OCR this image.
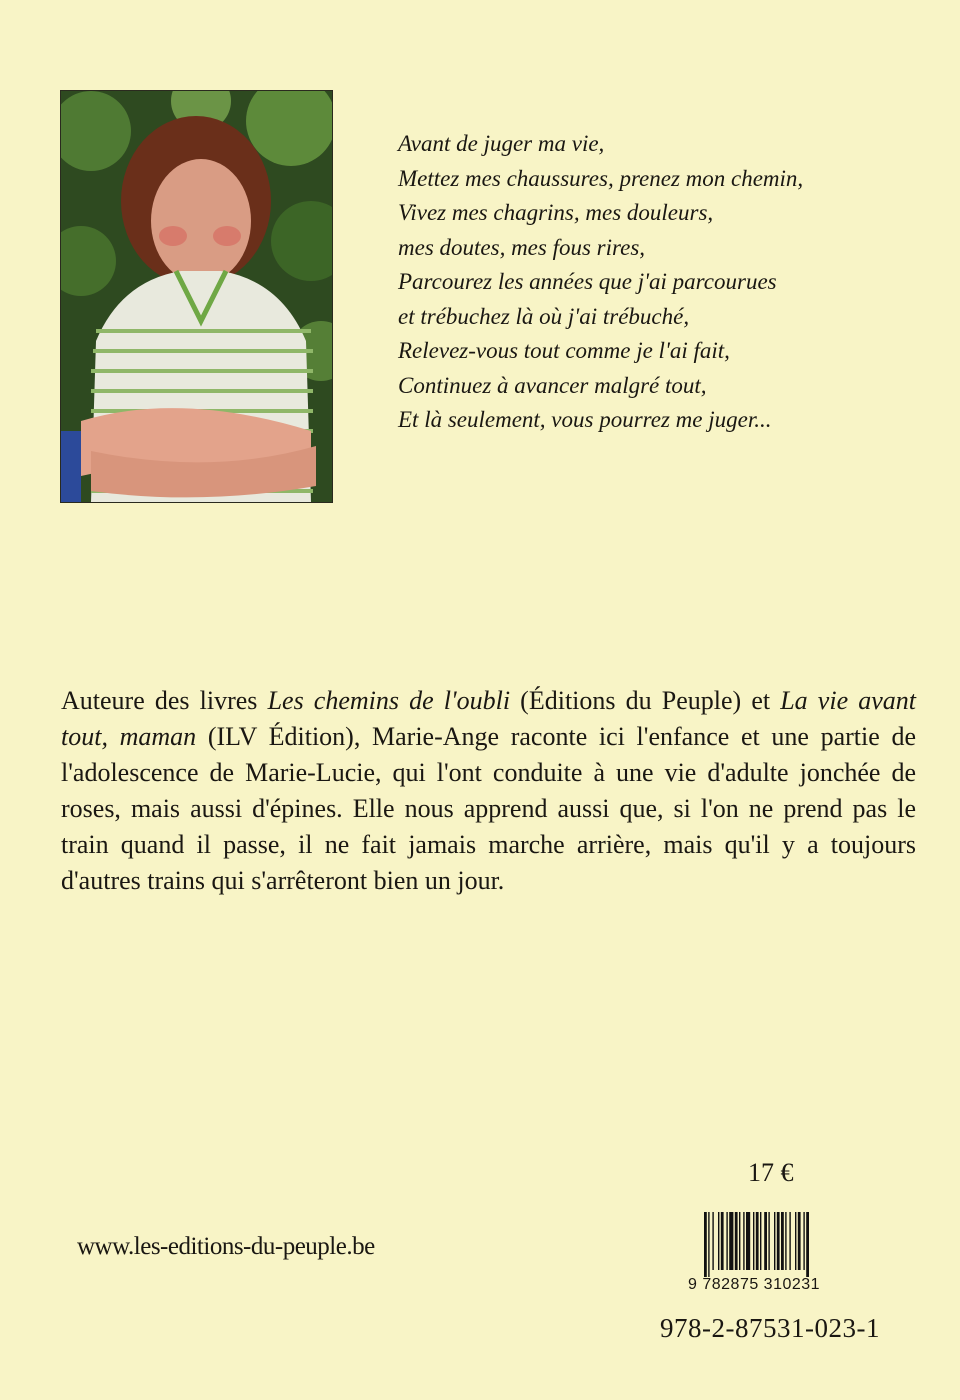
Avant de juger ma vie,
Mettez mes chaussures, prenez mon chemin,
Vivez mes chagrins, mes douleurs,
mes doutes, mes fous rires,
Parcourez les années que j'ai parcourues
et trébuchez là où j'ai trébuché,
Relevez-vous tout comme je l'ai fait,
Continuez à avancer malgré tout,
Et là seulement, vous pourrez me juger...

Auteure des livres Les chemins de l'oubli (Éditions du Peuple) et La vie avant tout, maman (ILV Édition), Marie-Ange raconte ici l'enfance et une partie de l'adolescence de Marie-Lucie, qui l'ont conduite à une vie d'adulte jonchée de roses, mais aussi d'épines. Elle nous apprend aussi que, si l'on ne prend pas le train quand il passe, il ne fait jamais marche arrière, mais qu'il y a toujours d'autres trains qui s'arrêteront bien un jour.

17 €
www.les-editions-du-peuple.be
9 782875 310231
978-2-87531-023-1
